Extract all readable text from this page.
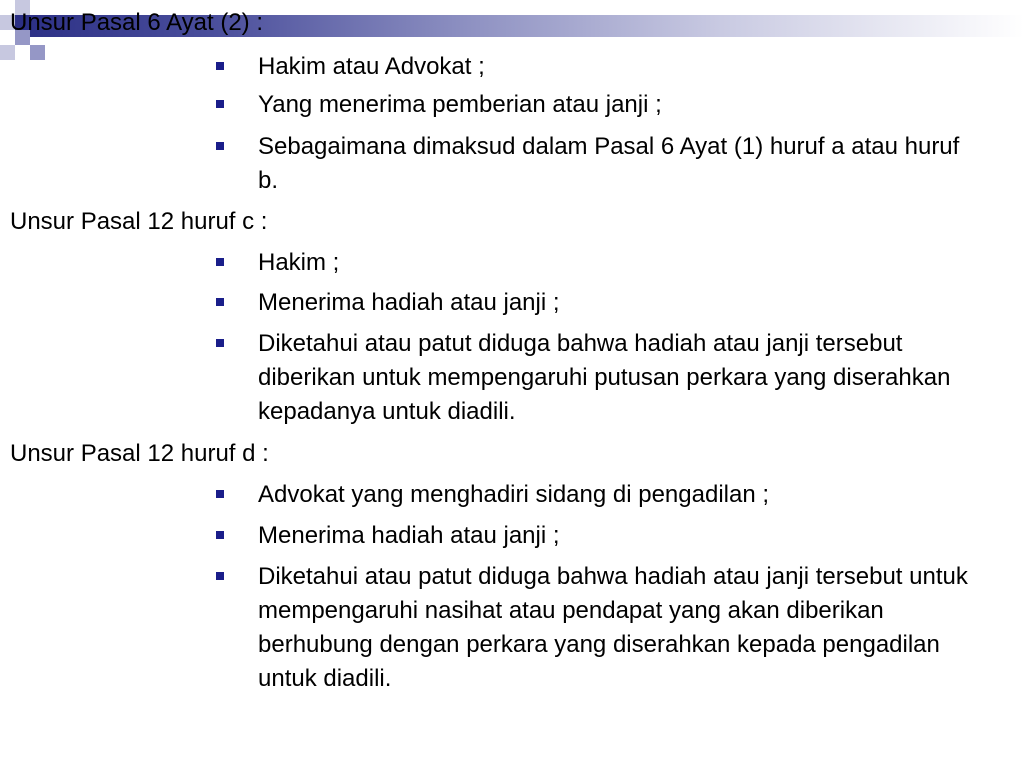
Unsur Pasal 6 Ayat (2) :
Hakim atau Advokat ;
Yang menerima pemberian atau janji ;
Sebagaimana dimaksud dalam Pasal 6 Ayat (1) huruf a atau huruf b.
Unsur Pasal 12 huruf c :
Hakim ;
Menerima hadiah atau janji ;
Diketahui atau patut diduga bahwa hadiah atau janji tersebut diberikan untuk mempengaruhi putusan perkara yang diserahkan kepadanya untuk diadili.
Unsur Pasal 12 huruf d :
Advokat yang menghadiri sidang di pengadilan ;
Menerima hadiah atau janji ;
Diketahui atau patut diduga bahwa hadiah atau janji tersebut untuk mempengaruhi nasihat atau pendapat yang akan diberikan berhubung dengan perkara yang diserahkan kepada pengadilan untuk diadili.
